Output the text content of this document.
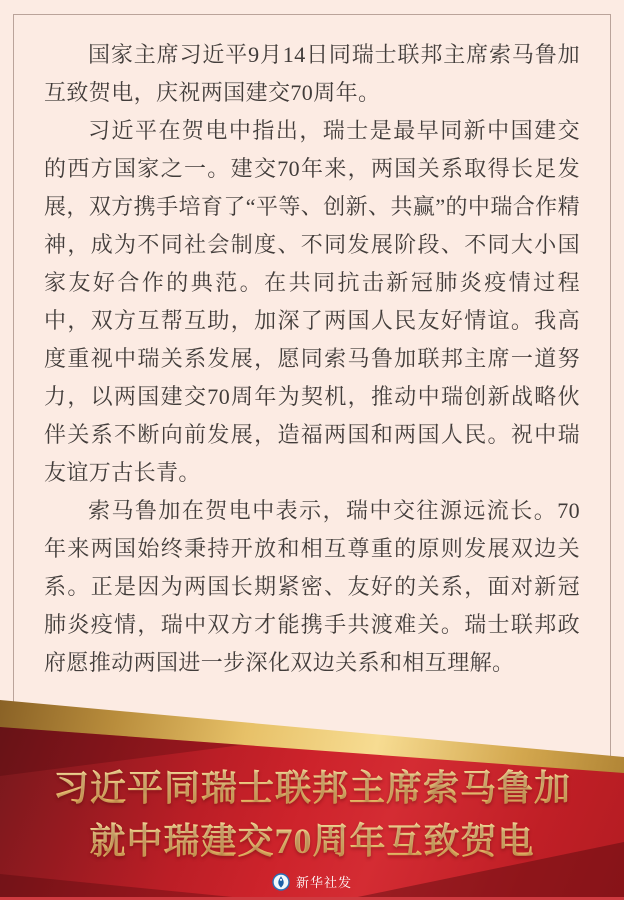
国家主席习近平9月14日同瑞士联邦主席索马鲁加互致贺电，庆祝两国建交70周年。

习近平在贺电中指出，瑞士是最早同新中国建交的西方国家之一。建交70年来，两国关系取得长足发展，双方携手培育了“平等、创新、共赢”的中瑞合作精神，成为不同社会制度、不同发展阶段、不同大小国家友好合作的典范。在共同抗击新冠肺炎疫情过程中，双方互帮互助，加深了两国人民友好情谊。我高度重视中瑞关系发展，愿同索马鲁加联邦主席一道努力，以两国建交70周年为契机，推动中瑞创新战略伙伴关系不断向前发展，造福两国和两国人民。祝中瑞友谊万古长青。

索马鲁加在贺电中表示，瑞中交往源远流长。70年来两国始终秉持开放和相互尊重的原则发展双边关系。正是因为两国长期紧密、友好的关系，面对新冠肺炎疫情，瑞中双方才能携手共渡难关。瑞士联邦政府愿推动两国进一步深化双边关系和相互理解。

习近平同瑞士联邦主席索马鲁加
就中瑞建交70周年互致贺电
新华社发
